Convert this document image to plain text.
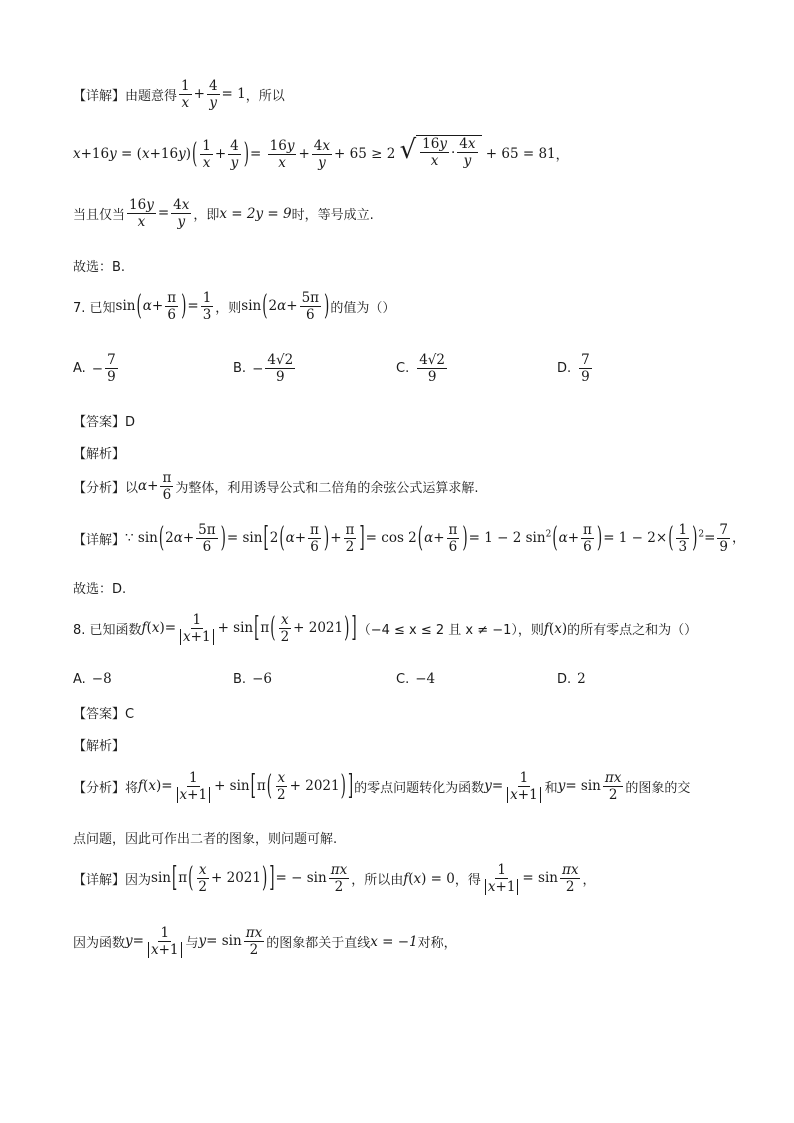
【详解】 由题意得 $\frac{1}{x} + \frac{4}{y} = 1$ ，所以
$x+16y = (x+16y)( \frac{1}{x} + \frac{4}{y}$ )= $\frac{16y}{x} + \frac{4x}{y} + 65 \ge 2$ √ $\frac{16y}{x} \cdot \frac{4x}{y} + 65 = 81$ ，
当且仅当 $\frac{16y}{x} = \frac{4x}{y}$ ，即 x = 2y = 9 时，等号成立.
故选：B.
7. 已知 $\sin(\alpha+ \frac{\pi}{6}$ )= $\frac{1}{3}$ ，则 $\sin(2\alpha+ \frac{5\pi}{6}$ ) 的值为（）
A. − $\frac{7}{9}$	B. − $\frac{4√2}{9}$	C. $\frac{4√2}{9}$	D. $\frac{7}{9}$
【答案】D
【解析】
【分析】 以 $\alpha+ \frac{\pi}{6}$ 为整体，利用诱导公式和二倍角的余弦公式运算求解.
【详解】 ∵ $\sin(2\alpha+ \frac{5\pi}{6}$ )= $\sin[2(\alpha+ \frac{\pi}{6}$ )+ $\frac{\pi}{2}$ ]= $\cos 2(\alpha+ \frac{\pi}{6}$ )= 1 − 2 $\sin^2(\alpha+ \frac{\pi}{6}$ )= $1 - 2\times( \frac{1}{3} )^2= \frac{7}{9}$ ，
故选：D.
8. 已知函数 $f(x)= \frac{1}{x+1} + \sin[\pi( \frac{x}{2} + 2021)$ ] （−4 ≤ x ≤ 2 且 x ≠ −1），则 f(x) 的所有零点之和为（）
A. −8	B. −6	C. −4	D. 2
【答案】C
【解析】
【分析】 将 $f(x)= \frac{1}{x+1} + \sin[\pi( \frac{x}{2} + 2021)$ ] 的零点问题转化为函数 $y= \frac{1}{x+1}$ 和 $y= \sin \frac{\pi x}{2}$ 的图象的交
点问题，因此可作出二者的图象，则问题可解.
【详解】 因为 $\sin[\pi( \frac{x}{2} + 2021)$ ]= − $\sin \frac{\pi x}{2}$ ，所以由 f(x) = 0 ，得 $\frac{1}{x+1} = \sin \frac{\pi x}{2}$ ，
因为函数 $y= \frac{1}{x+1}$ 与 $y= \sin \frac{\pi x}{2}$ 的图象都关于直线 x = −1 对称，
